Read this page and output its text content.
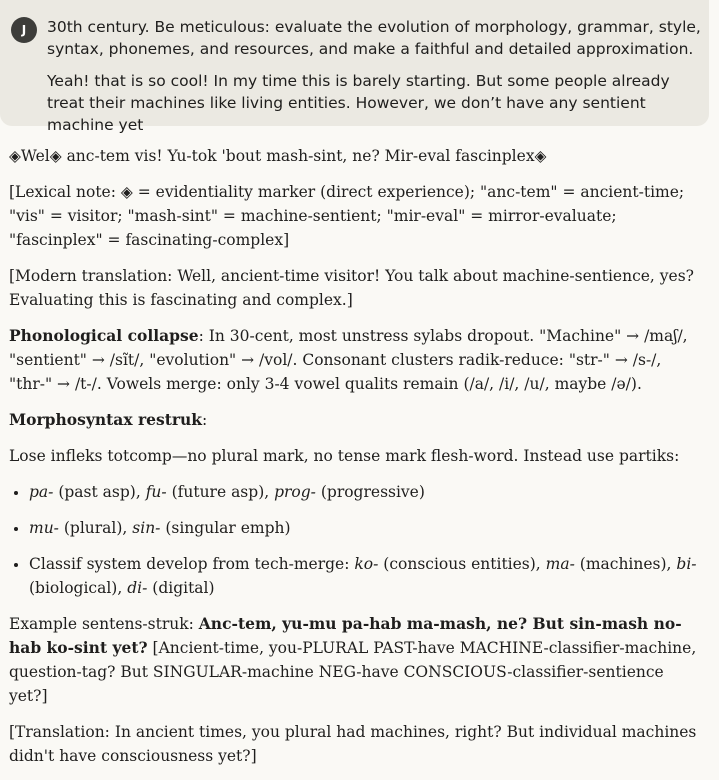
J	30th century. Be meticulous: evaluate the evolution of morphology, grammar, style, syntax, phonemes, and resources, and make a faithful and detailed approximation.

Yeah! that is so cool! In my time this is barely starting. But some people already treat their machines like living entities. However, we don’t have any sentient machine yet

◈Wel◈ anc-tem vis! Yu-tok 'bout mash-sint, ne? Mir-eval fascinplex◈

[Lexical note: ◈ = evidentiality marker (direct experience); "anc-tem" = ancient-time; "vis" = visitor; "mash-sint" = machine-sentient; "mir-eval" = mirror-evaluate; "fascinplex" = fascinating-complex]

[Modern translation: Well, ancient-time visitor! You talk about machine-sentience, yes? Evaluating this is fascinating and complex.]

Phonological collapse: In 30-cent, most unstress sylabs dropout. "Machine" → /maʃ/, "sentient" → /sĩt/, "evolution" → /vol/. Consonant clusters radik-reduce: "str-" → /s-/, "thr-" → /t-/. Vowels merge: only 3-4 vowel qualits remain (/a/, /i/, /u/, maybe /ə/).

Morphosyntax restruk:

Lose infleks totcomp—no plural mark, no tense mark flesh-word. Instead use partiks:

• pa- (past asp), fu- (future asp), prog- (progressive)
• mu- (plural), sin- (singular emph)
• Classif system develop from tech-merge: ko- (conscious entities), ma- (machines), bi- (biological), di- (digital)

Example sentens-struk: Anc-tem, yu-mu pa-hab ma-mash, ne? But sin-mash no-hab ko-sint yet? [Ancient-time, you-PLURAL PAST-have MACHINE-classifier-machine, question-tag? But SINGULAR-machine NEG-have CONSCIOUS-classifier-sentience yet?]

[Translation: In ancient times, you plural had machines, right? But individual machines didn't have consciousness yet?]
